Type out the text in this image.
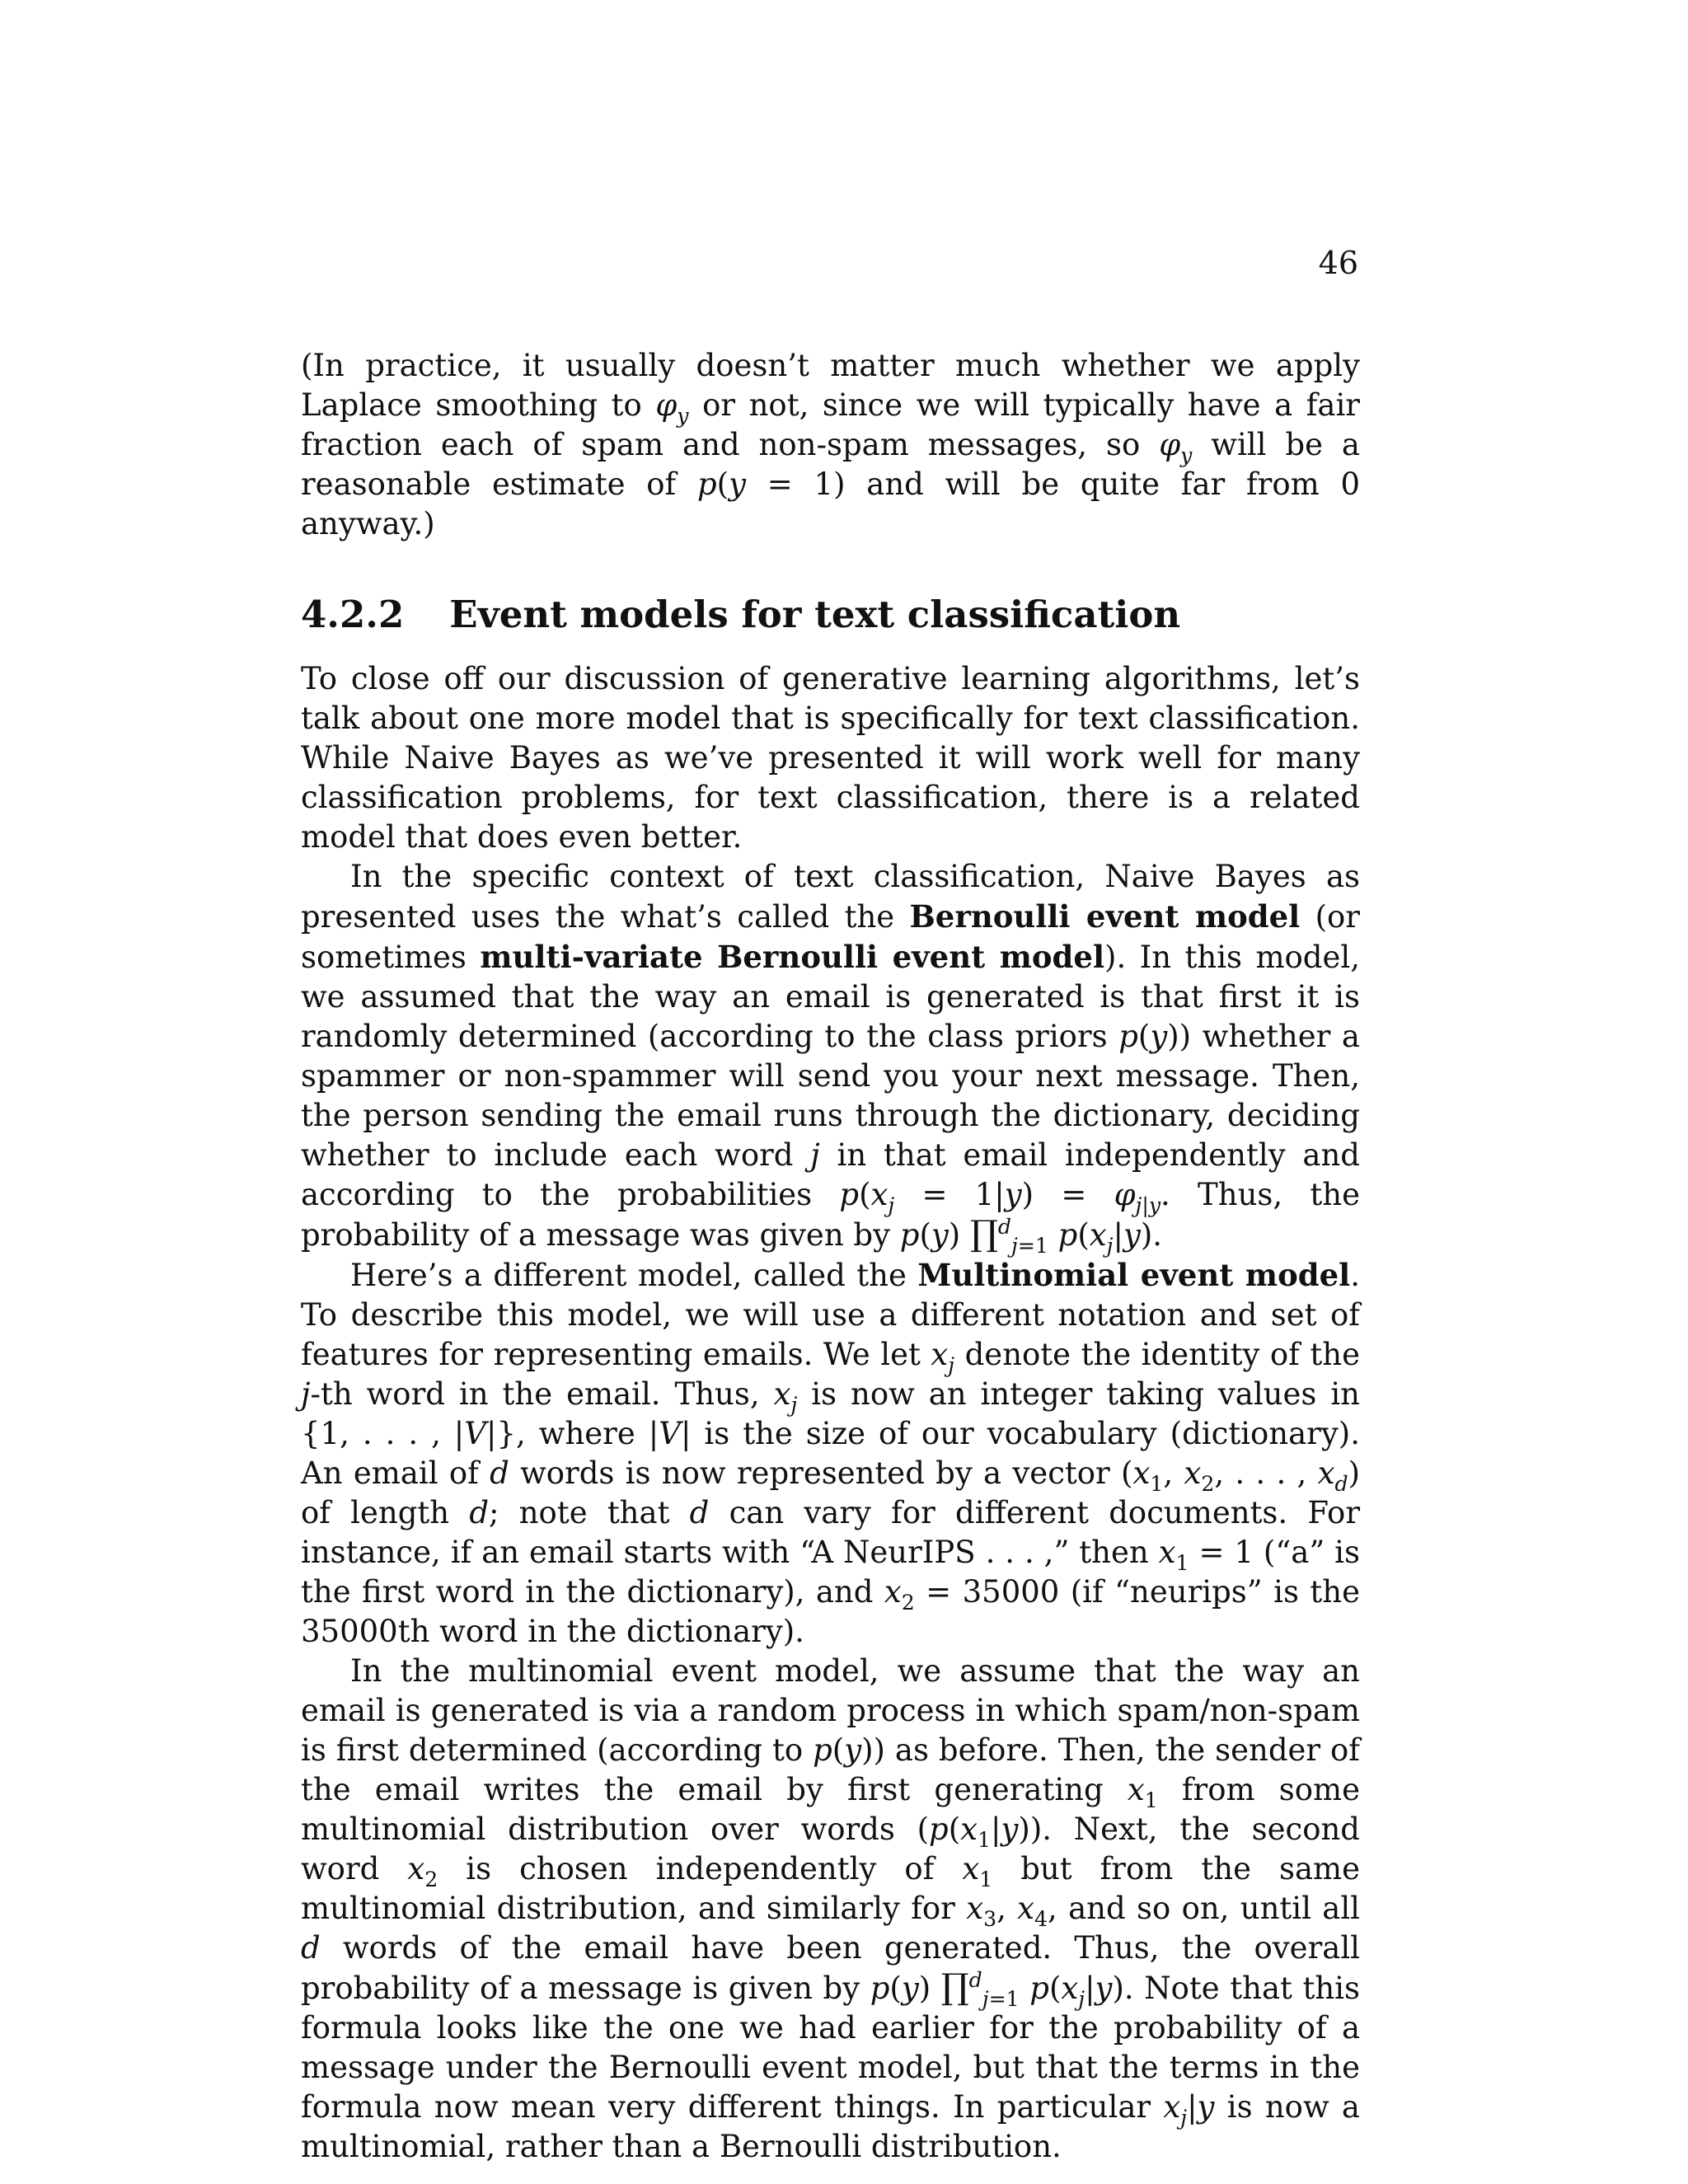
46

(In practice, it usually doesn’t matter much whether we apply Laplace smoothing to $\varphi_y$ or not, since we will typically have a fair fraction each of spam and non-spam messages, so $\varphi_y$ will be a reasonable estimate of p(y = 1) and will be quite far from 0 anyway.)

4.2.2 Event models for text classification

To close off our discussion of generative learning algorithms, let’s talk about one more model that is specifically for text classification. While Naive Bayes as we’ve presented it will work well for many classification problems, for text classification, there is a related model that does even better.

In the specific context of text classification, Naive Bayes as presented uses the what’s called the Bernoulli event model (or sometimes multi-variate Bernoulli event model). In this model, we assumed that the way an email is generated is that first it is randomly determined (according to the class priors p(y)) whether a spammer or non-spammer will send you your next message. Then, the person sending the email runs through the dictionary, deciding whether to include each word j in that email independently and according to the probabilities $p(x_j = 1|y) = \varphi_{j|y}$. Thus, the probability of a message was given by p(y) ∏$^d_{j=1}$ $p(x_j|y)$.

Here’s a different model, called the Multinomial event model. To describe this model, we will use a different notation and set of features for representing emails. We let $x_j$ denote the identity of the j-th word in the email. Thus, $x_j$ is now an integer taking values in {1, . . . , |V|}, where |V| is the size of our vocabulary (dictionary). An email of d words is now represented by a vector ($x_1$, $x_2$, . . . , $x_d$) of length d; note that d can vary for different documents. For instance, if an email starts with “A NeurIPS . . . ,” then $x_1 = 1$ (“a” is the first word in the dictionary), and $x_2 = 35000$ (if “neurips” is the 35000th word in the dictionary).

In the multinomial event model, we assume that the way an email is generated is via a random process in which spam/non-spam is first determined (according to p(y)) as before. Then, the sender of the email writes the email by first generating $x_1$ from some multinomial distribution over words $(p(x_1|y))$. Next, the second word $x_2$ is chosen independently of $x_1$ but from the same multinomial distribution, and similarly for $x_3$, $x_4$, and so on, until all d words of the email have been generated. Thus, the overall probability of a message is given by p(y) ∏$^d_{j=1}$ $p(x_j|y)$. Note that this formula looks like the one we had earlier for the probability of a message under the Bernoulli event model, but that the terms in the formula now mean very different things. In particular $x_j|y$ is now a multinomial, rather than a Bernoulli distribution.
